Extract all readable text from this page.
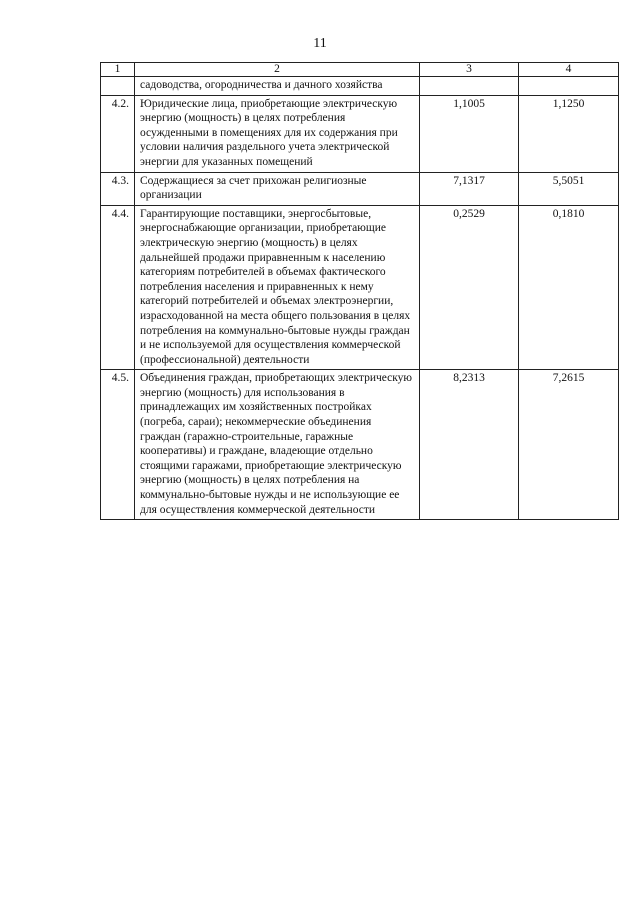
11
1	2	3	4
	садоводства, огородничества и дачного хозяйства		
4.2.	Юридические лица, приобретающие электрическую энергию (мощность) в целях потребления осужденными в помещениях для их содержания при условии наличия раздельного учета электрической энергии для указанных помещений	1,1005	1,1250
4.3.	Содержащиеся за счет прихожан религиозные организации	7,1317	5,5051
4.4.	Гарантирующие поставщики, энергосбытовые, энергоснабжающие организации, приобретающие электрическую энергию (мощность) в целях дальнейшей продажи приравненным к населению категориям потребителей в объемах фактического потребления населения и приравненных к нему категорий потребителей и объемах электроэнергии, израсходованной на места общего пользования в целях потребления на коммунально-бытовые нужды граждан и не используемой для осуществления коммерческой (профессиональной) деятельности	0,2529	0,1810
4.5.	Объединения граждан, приобретающих электрическую энергию (мощность) для использования в принадлежащих им хозяйственных постройках (погреба, сараи); некоммерческие объединения граждан (гаражно-строительные, гаражные кооперативы) и граждане, владеющие отдельно стоящими гаражами, приобретающие электрическую энергию (мощность) в целях потребления на коммунально-бытовые нужды и не использующие ее для осуществления коммерческой деятельности	8,2313	7,2615
